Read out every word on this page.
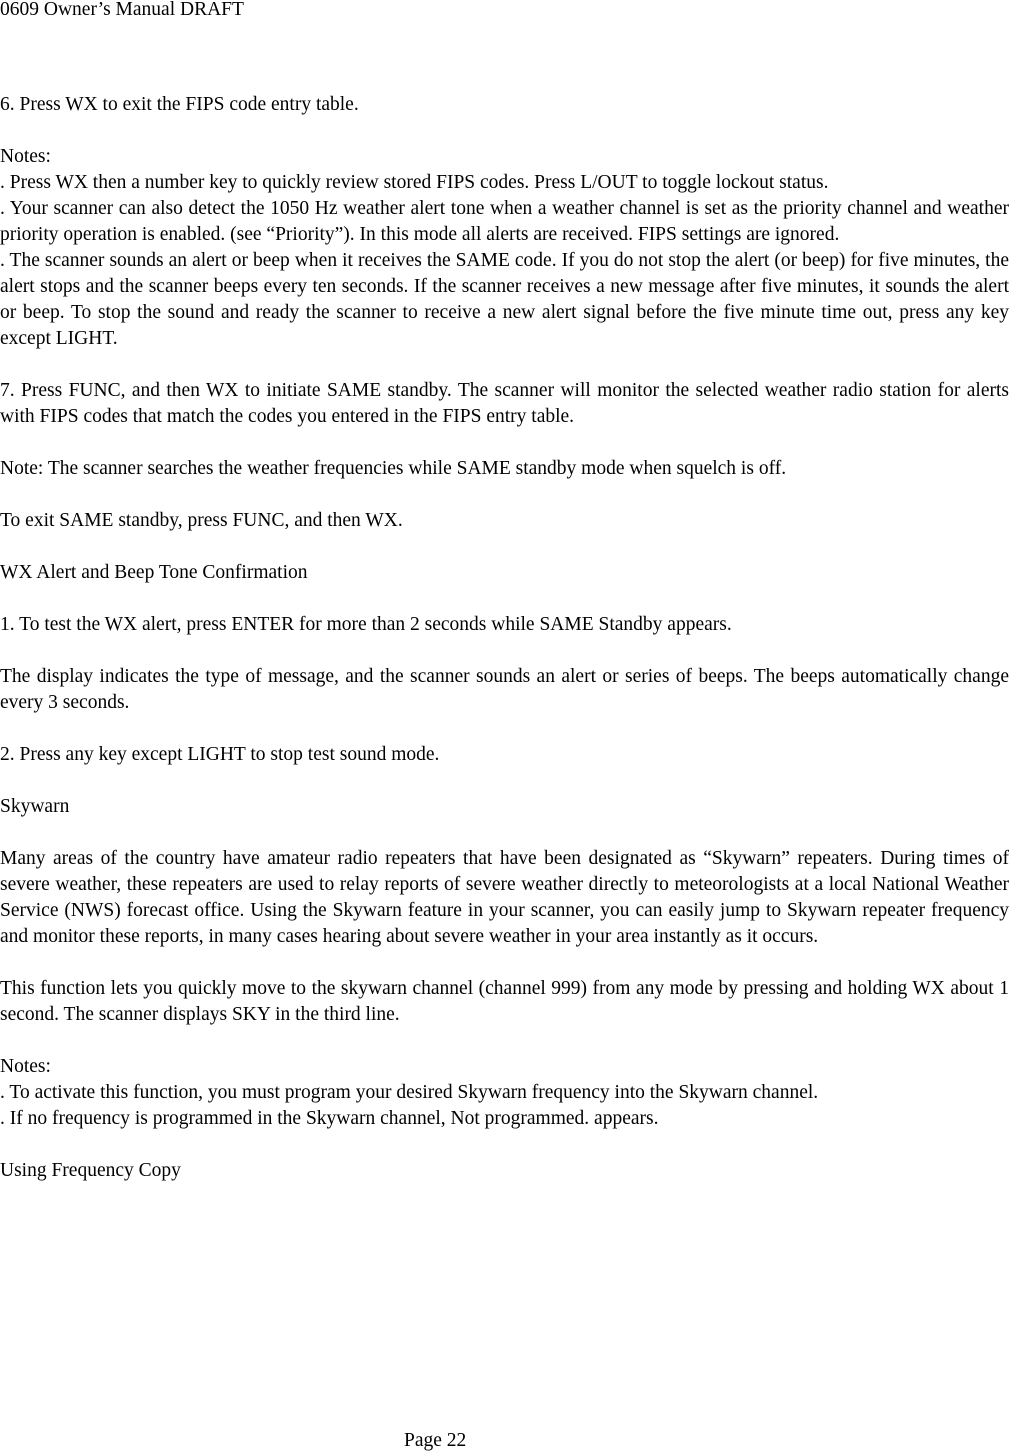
0609 Owner’s Manual DRAFT

6. Press WX to exit the FIPS code entry table.

Notes:

. Press WX then a number key to quickly review stored FIPS codes. Press L/OUT to toggle lockout status.

. Your scanner can also detect the 1050 Hz weather alert tone when a weather channel is set as the priority channel and weather priority operation is enabled. (see “Priority”). In this mode all alerts are received. FIPS settings are ignored.

. The scanner sounds an alert or beep when it receives the SAME code. If you do not stop the alert (or beep) for five minutes, the alert stops and the scanner beeps every ten seconds. If the scanner receives a new message after five minutes, it sounds the alert or beep. To stop the sound and ready the scanner to receive a new alert signal before the five minute time out, press any key except LIGHT.

7. Press FUNC, and then WX to initiate SAME standby. The scanner will monitor the selected weather radio station for alerts with FIPS codes that match the codes you entered in the FIPS entry table.

Note: The scanner searches the weather frequencies while SAME standby mode when squelch is off.

To exit SAME standby, press FUNC, and then WX.

WX Alert and Beep Tone Confirmation

1. To test the WX alert, press ENTER for more than 2 seconds while SAME Standby appears.

The display indicates the type of message, and the scanner sounds an alert or series of beeps. The beeps automatically change every 3 seconds.

2. Press any key except LIGHT to stop test sound mode.

Skywarn

Many areas of the country have amateur radio repeaters that have been designated as “Skywarn” repeaters. During times of severe weather, these repeaters are used to relay reports of severe weather directly to meteorologists at a local National Weather Service (NWS) forecast office. Using the Skywarn feature in your scanner, you can easily jump to Skywarn repeater frequency and monitor these reports, in many cases hearing about severe weather in your area instantly as it occurs.

This function lets you quickly move to the skywarn channel (channel 999) from any mode by pressing and holding WX about 1 second. The scanner displays SKY in the third line.

Notes:

. To activate this function, you must program your desired Skywarn frequency into the Skywarn channel.

. If no frequency is programmed in the Skywarn channel, Not programmed. appears.

Using Frequency Copy

Page 22
